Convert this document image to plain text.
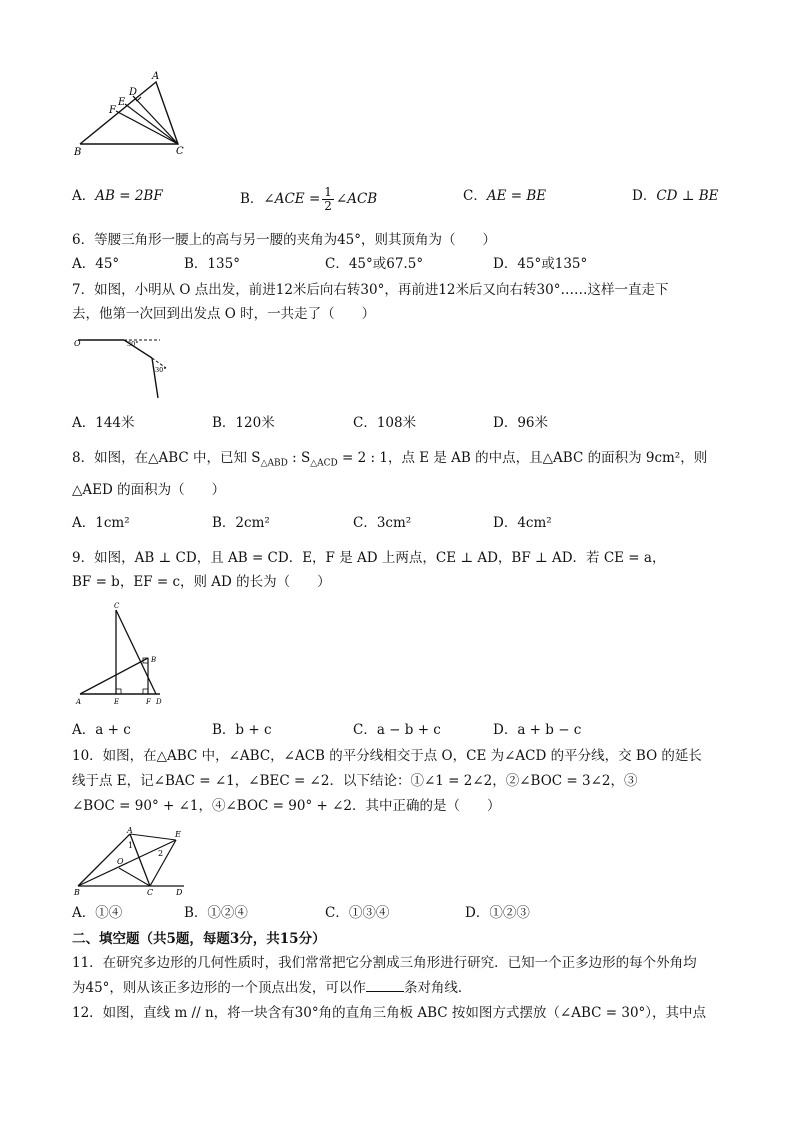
A
D
E
F
B	C
A．AB = 2BF	B．∠ACE = $\frac{1}{2}$ ∠ACB	C．AE = BE	D．CD ⊥ BE
6．等腰三角形一腰上的高与另一腰的夹角为45°，则其顶角为（　　）
A．45°	B．135°	C．45°或67.5°	D．45°或135°
7．如图，小明从 O 点出发，前进12米后向右转30°，再前进12米后又向右转30°……这样一直走下
去，他第一次回到出发点 O 时，一共走了（　　）
O	30°
30°
A．144米	B．120米	C．108米	D．96米
8．如图，在△ABC 中，已知 $S_{\triangle ABD}$ : $S_{\triangle ACD} = 2$ : 1，点 E 是 AB 的中点，且△ABC 的面积为 9cm²，则
△AED 的面积为（　　）
A．1cm²	B．2cm²	C．3cm²	D．4cm²
9．如图，AB ⊥ CD，且 AB = CD．E，F 是 AD 上两点，CE ⊥ AD，BF ⊥ AD．若 CE = a，
BF = b，EF = c，则 AD 的长为（　　）
C
B
A	E	F D
A．a + c	B．b + c	C．a − b + c	D．a + b − c
10．如图，在△ABC 中，∠ABC，∠ACB 的平分线相交于点 O，CE 为∠ACD 的平分线，交 BO 的延长
线于点 E，记∠BAC = ∠1，∠BEC = ∠2．以下结论：①∠1 = 2∠2，②∠BOC = 3∠2，③
∠BOC = 90° + ∠1，④∠BOC = 90° + ∠2．其中正确的是（　　）
A	E
1
2
O
B	C	D
A．①④	B．①②④	C．①③④	D．①②③
二、填空题（共5题，每题3分，共15分）
11．在研究多边形的几何性质时，我们常常把它分割成三角形进行研究．已知一个正多边形的每个外角均
为45°，则从该正多边形的一个顶点出发，可以作	条对角线．
12．如图，直线 m // n，将一块含有30°角的直角三角板 ABC 按如图方式摆放（∠ABC = 30°），其中点
